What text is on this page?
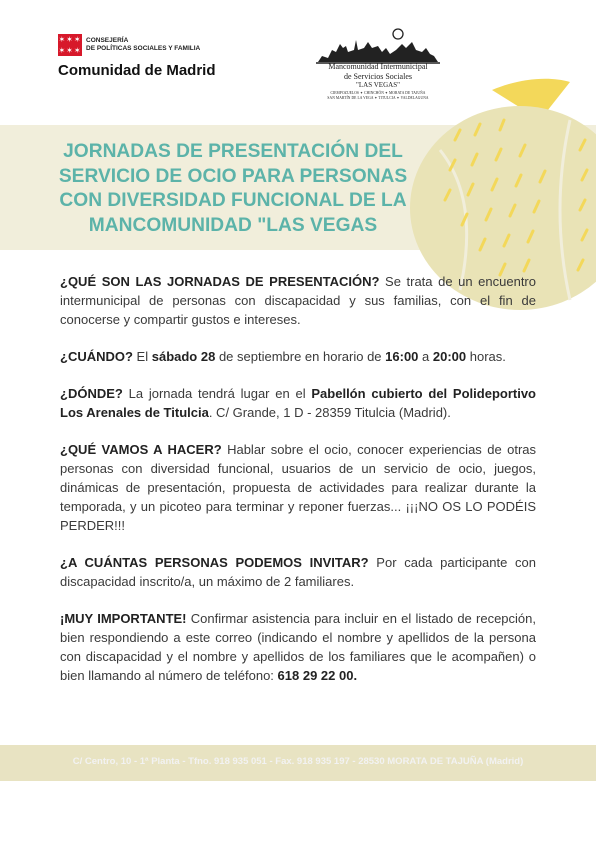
✶✶✶
✶✶✶
CONSEJERÍA
DE POLÍTICAS SOCIALES Y FAMILIA
Comunidad de Madrid	Mancomunidad Intermunicipal
de Servicios Sociales
"LAS VEGAS"
CIEMPOZUELOS ✦ CHINCHÓN ✦ MORATA DE TAJUÑA
SAN MARTÍN DE LA VEGA ✦ TITULCIA ✦ VALDELAGUNA
JORNADAS DE PRESENTACIÓN DEL SERVICIO DE OCIO PARA PERSONAS CON DIVERSIDAD FUNCIONAL DE LA MANCOMUNIDAD "LAS VEGAS

¿QUÉ SON LAS JORNADAS DE PRESENTACIÓN? Se trata de un encuentro intermunicipal de personas con discapacidad y sus familias, con el fin de conocerse y compartir gustos e intereses.

¿CUÁNDO? El sábado 28 de septiembre en horario de 16:00 a 20:00 horas.

¿DÓNDE? La jornada tendrá lugar en el Pabellón cubierto del Polideportivo Los Arenales de Titulcia. C/ Grande, 1 D - 28359 Titulcia (Madrid).

¿QUÉ VAMOS A HACER? Hablar sobre el ocio, conocer experiencias de otras personas con diversidad funcional, usuarios de un servicio de ocio, juegos, dinámicas de presentación, propuesta de actividades para realizar durante la temporada, y un picoteo para terminar y reponer fuerzas... ¡¡¡NO OS LO PODÉIS PERDER!!!

¿A CUÁNTAS PERSONAS PODEMOS INVITAR? Por cada participante con discapacidad inscrito/a, un máximo de 2 familiares.

¡MUY IMPORTANTE! Confirmar asistencia para incluir en el listado de recepción, bien respondiendo a este correo (indicando el nombre y apellidos de la persona con discapacidad y el nombre y apellidos de los familiares que le acompañen) o bien llamando al número de teléfono: 618 29 22 00.

C/ Centro, 10 - 1ª Planta - Tfno. 918 935 051 - Fax. 918 935 197 - 28530 MORATA DE TAJUÑA (Madrid)
